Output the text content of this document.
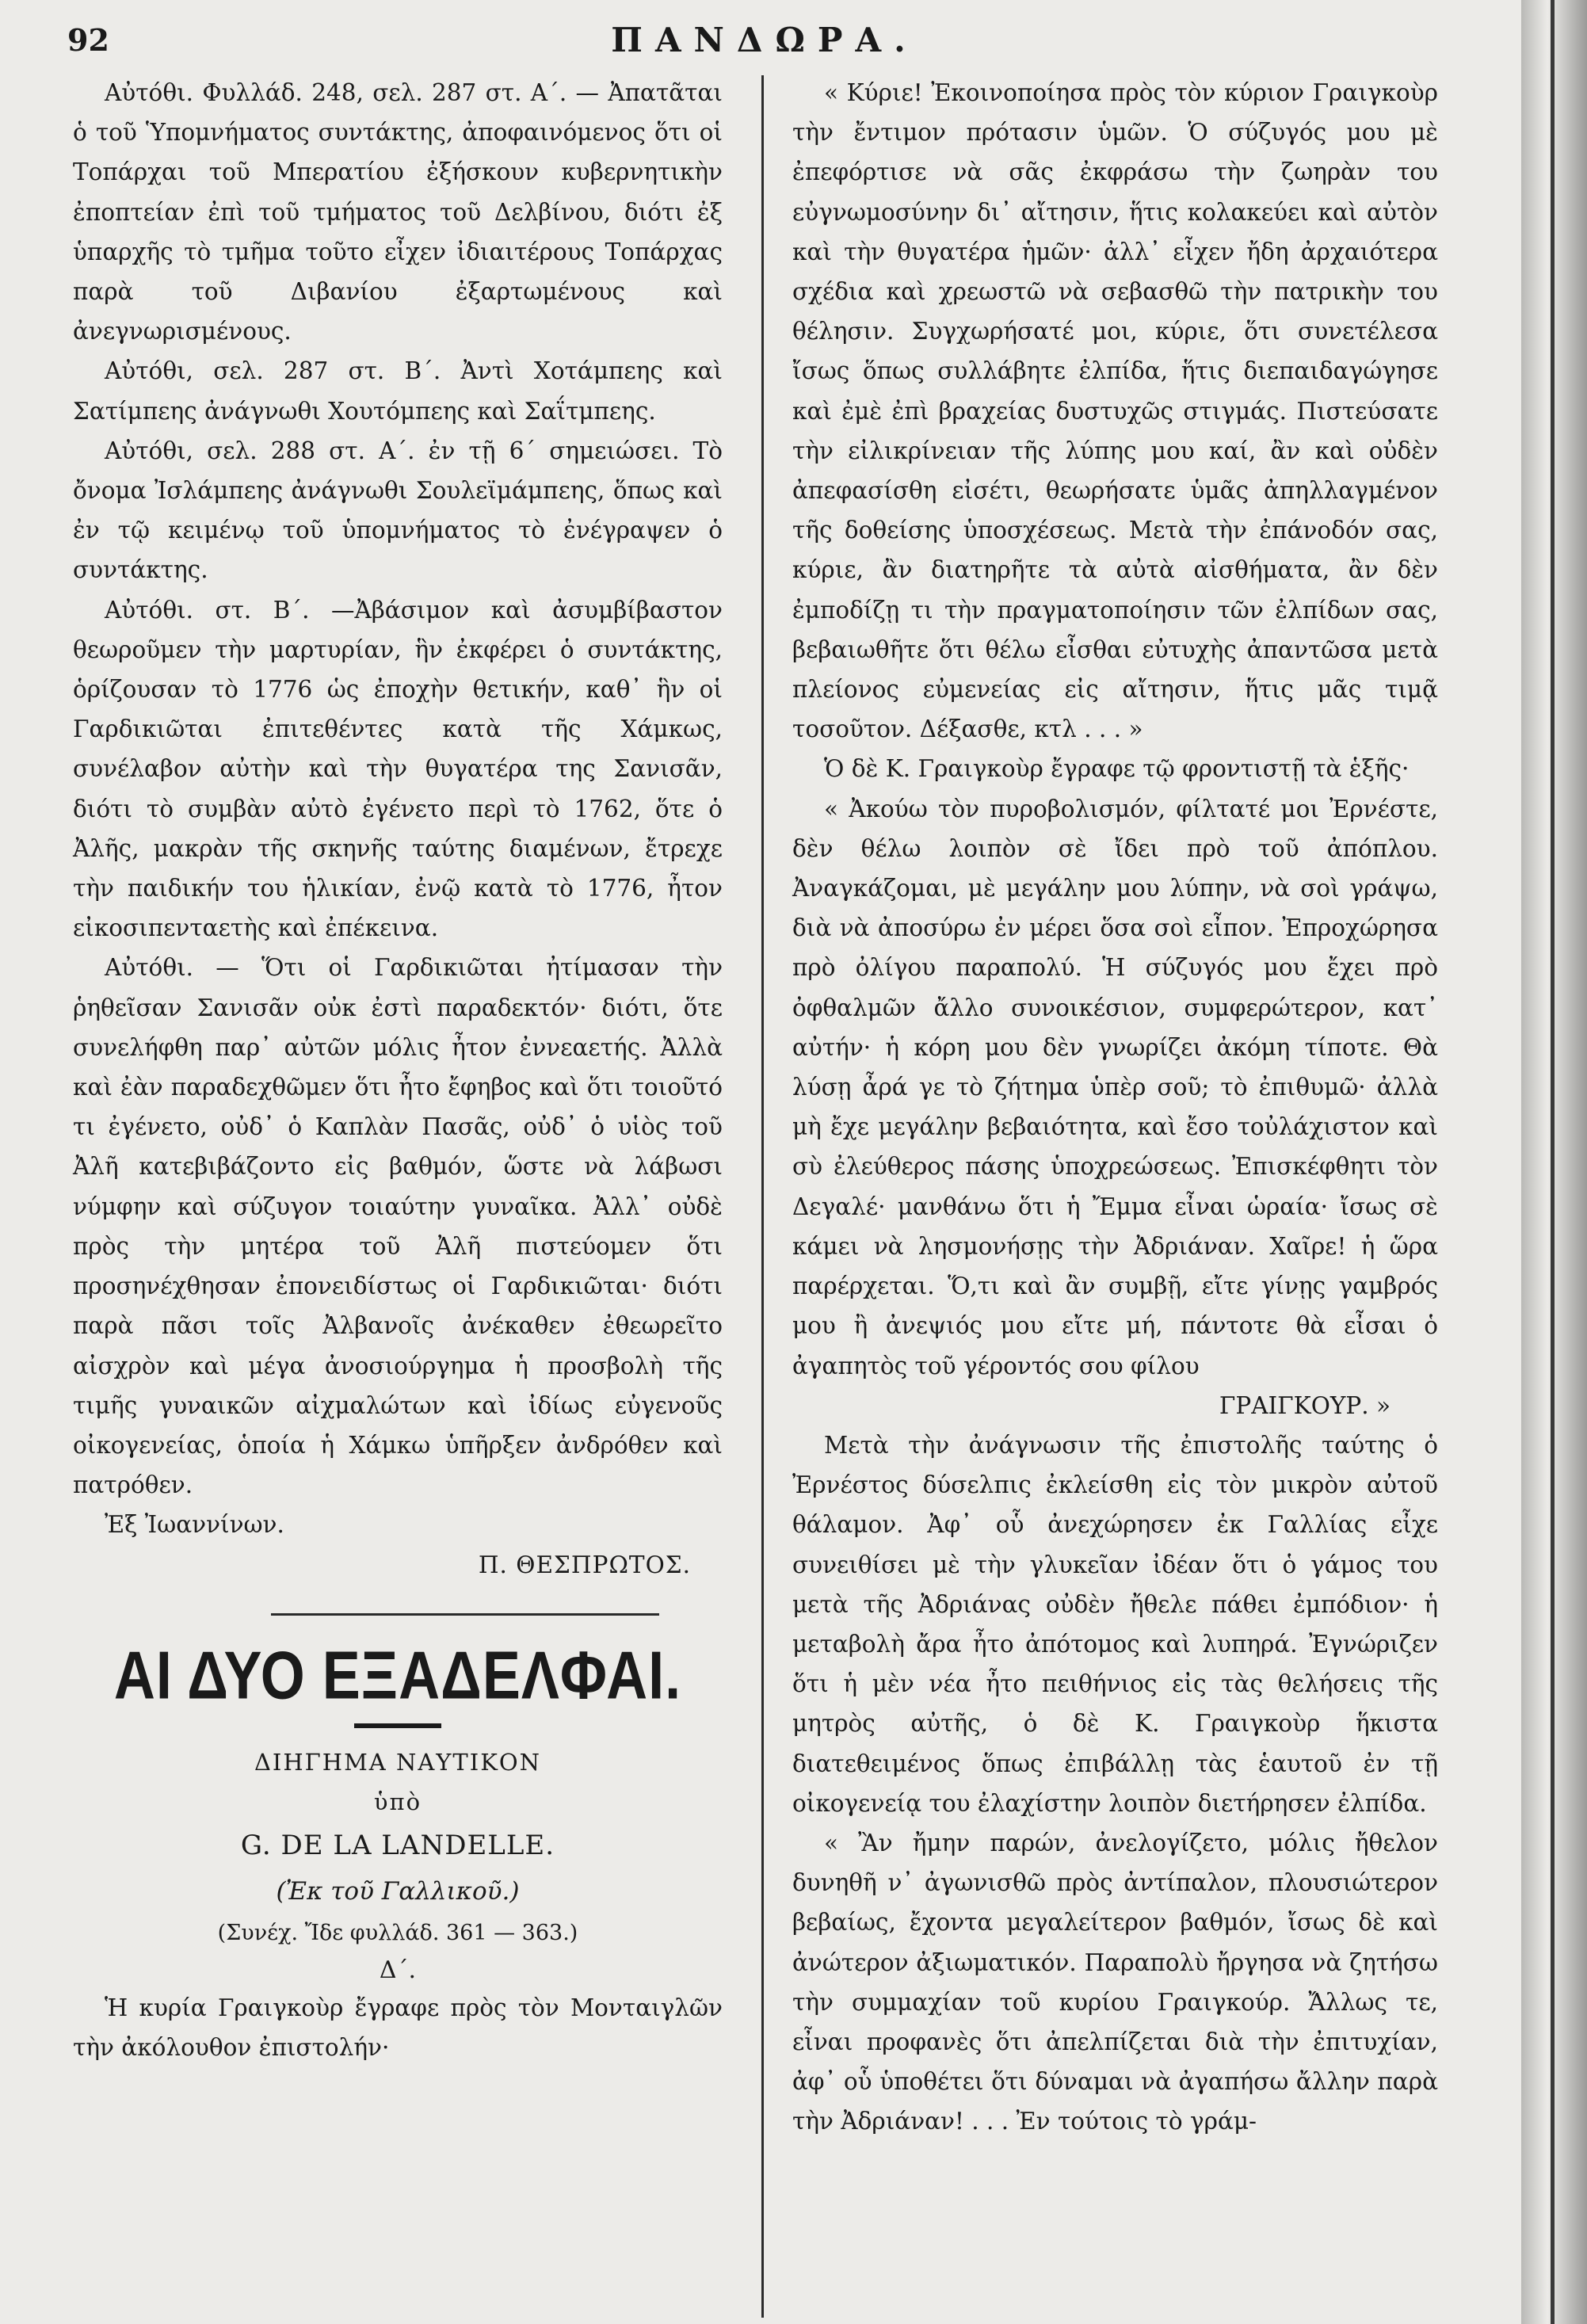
92	ΠΑΝΔΩΡΑ.

Αὐτόθι. Φυλλάδ. 248, σελ. 287 στ. Α΄. — Ἀπατᾶται ὁ τοῦ Ὑπομνήματος συντάκτης, ἀποφαινόμενος ὅτι οἱ Τοπάρχαι τοῦ Μπερατίου ἐξήσκουν κυβερνητικὴν ἐποπτείαν ἐπὶ τοῦ τμήματος τοῦ Δελβίνου, διότι ἐξ ὑπαρχῆς τὸ τμῆμα τοῦτο εἶχεν ἰδιαιτέρους Τοπάρχας παρὰ τοῦ Διβανίου ἐξαρτωμένους καὶ ἀνεγνωρισμένους.

Αὐτόθι, σελ. 287 στ. Β΄. Ἀντὶ Χοτάμπεης καὶ Σατίμπεης ἀνάγνωθι Χουτόμπεης καὶ Σαΐτμπεης.

Αὐτόθι, σελ. 288 στ. Α΄. ἐν τῇ 6΄ σημειώσει. Τὸ ὄνομα Ἰσλάμπεης ἀνάγνωθι Σουλεϊμάμπεης, ὅπως καὶ ἐν τῷ κειμένῳ τοῦ ὑπομνήματος τὸ ἐνέγραψεν ὁ συντάκτης.

Αὐτόθι. στ. Β΄. —Ἀβάσιμον καὶ ἀσυμβίβαστον θεωροῦμεν τὴν μαρτυρίαν, ἣν ἐκφέρει ὁ συντάκτης, ὁρίζουσαν τὸ 1776 ὡς ἐποχὴν θετικήν, καθ᾿ ἣν οἱ Γαρδικιῶται ἐπιτεθέντες κατὰ τῆς Χάμκως, συνέλαβον αὐτὴν καὶ τὴν θυγατέρα της Σανισᾶν, διότι τὸ συμβὰν αὐτὸ ἐγένετο περὶ τὸ 1762, ὅτε ὁ Ἀλῆς, μακρὰν τῆς σκηνῆς ταύτης διαμένων, ἔτρεχε τὴν παιδικήν του ἡλικίαν, ἐνῷ κατὰ τὸ 1776, ἦτον εἰκοσιπενταετὴς καὶ ἐπέκεινα.

Αὐτόθι. — Ὅτι οἱ Γαρδικιῶται ἠτίμασαν τὴν ῥηθεῖσαν Σανισᾶν οὐκ ἐστὶ παραδεκτόν· διότι, ὅτε συνελήφθη παρ᾿ αὐτῶν μόλις ἦτον ἐννεαετής. Ἀλλὰ καὶ ἐὰν παραδεχθῶμεν ὅτι ἦτο ἔφηβος καὶ ὅτι τοιοῦτό τι ἐγένετο, οὐδ᾿ ὁ Καπλὰν Πασᾶς, οὐδ᾿ ὁ υἱὸς τοῦ Ἀλῆ κατεβιβάζοντο εἰς βαθμόν, ὥστε νὰ λάβωσι νύμφην καὶ σύζυγον τοιαύτην γυναῖκα. Ἀλλ᾿ οὐδὲ πρὸς τὴν μητέρα τοῦ Ἀλῆ πιστεύομεν ὅτι προσηνέχθησαν ἐπονειδίστως οἱ Γαρδικιῶται· διότι παρὰ πᾶσι τοῖς Ἀλβανοῖς ἀνέκαθεν ἐθεωρεῖτο αἰσχρὸν καὶ μέγα ἀνοσιούργημα ἡ προσβολὴ τῆς τιμῆς γυναικῶν αἰχμαλώτων καὶ ἰδίως εὐγενοῦς οἰκογενείας, ὁποία ἡ Χάμκω ὑπῆρξεν ἀνδρόθεν καὶ πατρόθεν.

Ἐξ Ἰωαννίνων.

Π. ΘΕΣΠΡΩΤΟΣ.

ΑΙ ΔΥΟ ΕΞΑΔΕΛΦΑΙ.
ΔΙΗΓΗΜΑ ΝΑΥΤΙΚΟΝ
ὑπὸ
G. DE LA LANDELLE.
(Ἐκ τοῦ Γαλλικοῦ.)
(Συνέχ. Ἴδε φυλλάδ. 361 — 363.)
Δ΄.

Ἡ κυρία Γραιγκοὺρ ἔγραφε πρὸς τὸν Μονταιγλῶν τὴν ἀκόλουθον ἐπιστολήν·

« Κύριε! Ἐκοινοποίησα πρὸς τὸν κύριον Γραιγκοὺρ τὴν ἔντιμον πρότασιν ὑμῶν. Ὁ σύζυγός μου μὲ ἐπεφόρτισε νὰ σᾶς ἐκφράσω τὴν ζωηρὰν του εὐγνωμοσύνην δι᾿ αἴτησιν, ἥτις κολακεύει καὶ αὐτὸν καὶ τὴν θυγατέρα ἡμῶν· ἀλλ᾿ εἶχεν ἤδη ἀρχαιότερα σχέδια καὶ χρεωστῶ νὰ σεβασθῶ τὴν πατρικὴν του θέλησιν. Συγχωρήσατέ μοι, κύριε, ὅτι συνετέλεσα ἴσως ὅπως συλλάβητε ἐλπίδα, ἥτις διεπαιδαγώγησε καὶ ἐμὲ ἐπὶ βραχείας δυστυχῶς στιγμάς. Πιστεύσατε τὴν εἰλικρίνειαν τῆς λύπης μου καί, ἂν καὶ οὐδὲν ἀπεφασίσθη εἰσέτι, θεωρήσατε ὑμᾶς ἀπηλλαγμένον τῆς δοθείσης ὑποσχέσεως. Μετὰ τὴν ἐπάνοδόν σας, κύριε, ἂν διατηρῆτε τὰ αὐτὰ αἰσθήματα, ἂν δὲν ἐμποδίζῃ τι τὴν πραγματοποίησιν τῶν ἐλπίδων σας, βεβαιωθῆτε ὅτι θέλω εἶσθαι εὐτυχὴς ἀπαντῶσα μετὰ πλείονος εὐμενείας εἰς αἴτησιν, ἥτις μᾶς τιμᾷ τοσοῦτον. Δέξασθε, κτλ . . . »

Ὁ δὲ Κ. Γραιγκοὺρ ἔγραφε τῷ φροντιστῇ τὰ ἑξῆς·

« Ἀκούω τὸν πυροβολισμόν, φίλτατέ μοι Ἐρνέστε, δὲν θέλω λοιπὸν σὲ ἴδει πρὸ τοῦ ἀπόπλου. Ἀναγκάζομαι, μὲ μεγάλην μου λύπην, νὰ σοὶ γράψω, διὰ νὰ ἀποσύρω ἐν μέρει ὅσα σοὶ εἶπον. Ἐπροχώρησα πρὸ ὀλίγου παραπολύ. Ἡ σύζυγός μου ἔχει πρὸ ὀφθαλμῶν ἄλλο συνοικέσιον, συμφερώτερον, κατ᾿ αὐτήν· ἡ κόρη μου δὲν γνωρίζει ἀκόμη τίποτε. Θὰ λύσῃ ἆρά γε τὸ ζήτημα ὑπὲρ σοῦ; τὸ ἐπιθυμῶ· ἀλλὰ μὴ ἔχε μεγάλην βεβαιότητα, καὶ ἔσο τοὐλάχιστον καὶ σὺ ἐλεύθερος πάσης ὑποχρεώσεως. Ἐπισκέφθητι τὸν Δεγαλέ· μανθάνω ὅτι ἡ Ἔμμα εἶναι ὡραία· ἴσως σὲ κάμει νὰ λησμονήσῃς τὴν Ἀδριάναν. Χαῖρε! ἡ ὥρα παρέρχεται. Ὅ,τι καὶ ἂν συμβῇ, εἴτε γίνῃς γαμβρός μου ἢ ἀνεψιός μου εἴτε μή, πάντοτε θὰ εἶσαι ὁ ἀγαπητὸς τοῦ γέροντός σου φίλου

ΓΡΑΙΓΚΟΥΡ. »

Μετὰ τὴν ἀνάγνωσιν τῆς ἐπιστολῆς ταύτης ὁ Ἐρνέστος δύσελπις ἐκλείσθη εἰς τὸν μικρὸν αὐτοῦ θάλαμον. Ἀφ᾿ οὗ ἀνεχώρησεν ἐκ Γαλλίας εἶχε συνειθίσει μὲ τὴν γλυκεῖαν ἰδέαν ὅτι ὁ γάμος του μετὰ τῆς Ἀδριάνας οὐδὲν ἤθελε πάθει ἐμπόδιον· ἡ μεταβολὴ ἄρα ἦτο ἀπότομος καὶ λυπηρά. Ἐγνώριζεν ὅτι ἡ μὲν νέα ἦτο πειθήνιος εἰς τὰς θελήσεις τῆς μητρὸς αὐτῆς, ὁ δὲ Κ. Γραιγκοὺρ ἥκιστα διατεθειμένος ὅπως ἐπιβάλλῃ τὰς ἑαυτοῦ ἐν τῇ οἰκογενείᾳ του ἐλαχίστην λοιπὸν διετήρησεν ἐλπίδα.

« Ἂν ἤμην παρών, ἀνελογίζετο, μόλις ἤθελον δυνηθῆ ν᾿ ἀγωνισθῶ πρὸς ἀντίπαλον, πλουσιώτερον βεβαίως, ἔχοντα μεγαλείτερον βαθμόν, ἴσως δὲ καὶ ἀνώτερον ἀξιωματικόν. Παραπολὺ ἤργησα νὰ ζητήσω τὴν συμμαχίαν τοῦ κυρίου Γραιγκούρ. Ἄλλως τε, εἶναι προφανὲς ὅτι ἀπελπίζεται διὰ τὴν ἐπιτυχίαν, ἀφ᾿ οὗ ὑποθέτει ὅτι δύναμαι νὰ ἀγαπήσω ἄλλην παρὰ τὴν Ἀδριάναν! . . . Ἐν τούτοις τὸ γράμ-
